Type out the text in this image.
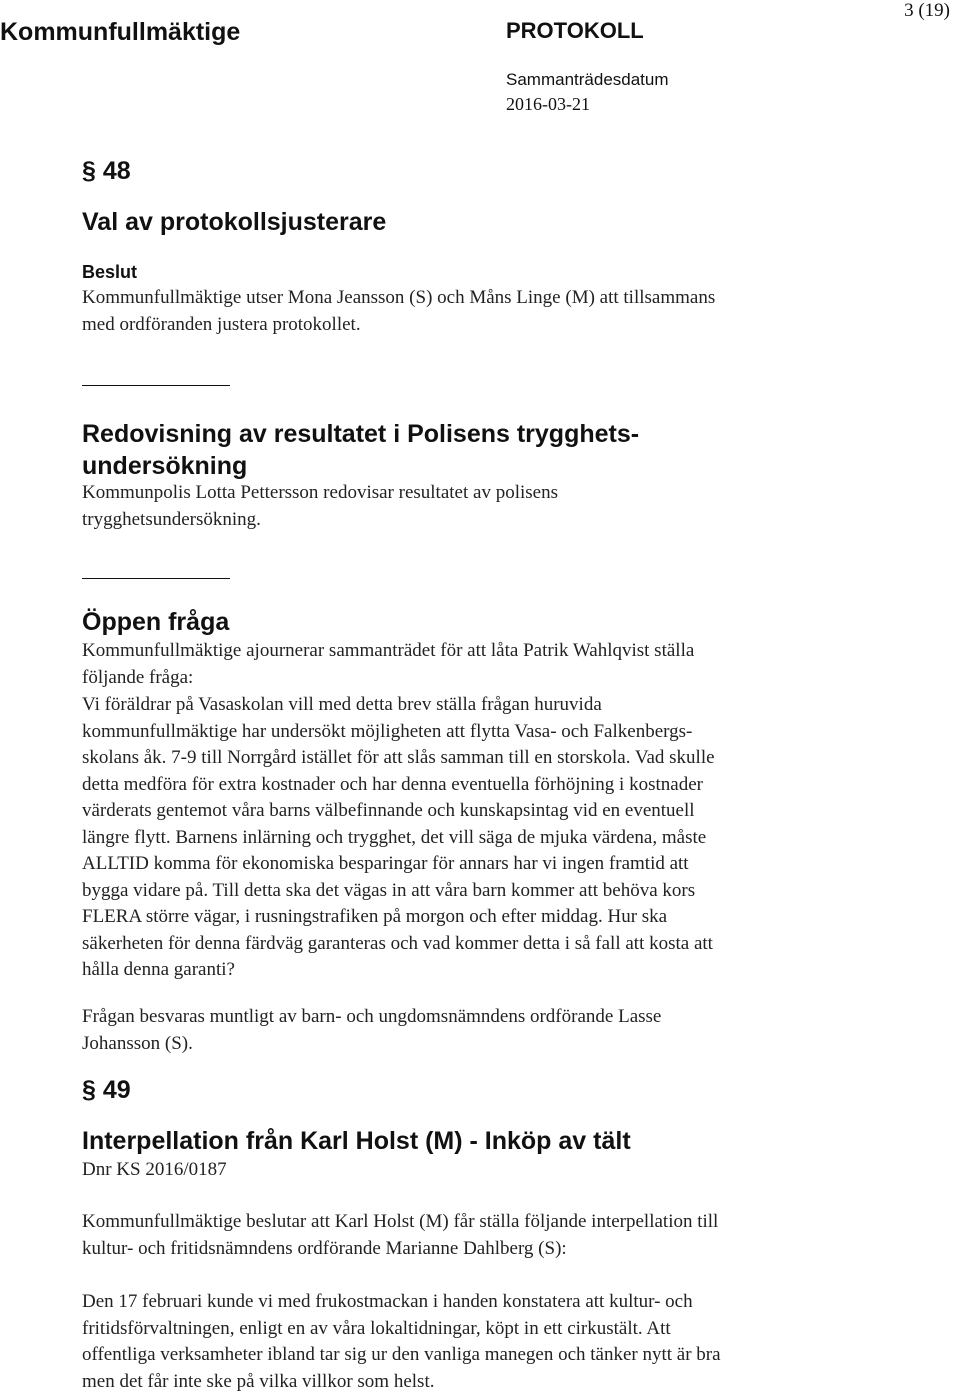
Kommunfullmäktige	PROTOKOLL
Sammanträdesdatum
2016-03-21
3 (19)
§ 48
Val av protokollsjusterare
Beslut
Kommunfullmäktige utser Mona Jeansson (S) och Måns Linge (M) att tillsammans
med ordföranden justera protokollet.
Redovisning av resultatet i Polisens trygghets-
undersökning
Kommunpolis Lotta Pettersson redovisar resultatet av polisens
trygghetsundersökning.
Öppen fråga
Kommunfullmäktige ajournerar sammanträdet för att låta Patrik Wahlqvist ställa
följande fråga:
Vi föräldrar på Vasaskolan vill med detta brev ställa frågan huruvida
kommunfullmäktige har undersökt möjligheten att flytta Vasa- och Falkenbergs-
skolans åk. 7-9 till Norrgård istället för att slås samman till en storskola. Vad skulle
detta medföra för extra kostnader och har denna eventuella förhöjning i kostnader
värderats gentemot våra barns välbefinnande och kunskapsintag vid en eventuell
längre flytt. Barnens inlärning och trygghet, det vill säga de mjuka värdena, måste
ALLTID komma för ekonomiska besparingar för annars har vi ingen framtid att
bygga vidare på. Till detta ska det vägas in att våra barn kommer att behöva kors
FLERA större vägar, i rusningstrafiken på morgon och efter middag. Hur ska
säkerheten för denna färdväg garanteras och vad kommer detta i så fall att kosta att
hålla denna garanti?
Frågan besvaras muntligt av barn- och ungdomsnämndens ordförande Lasse
Johansson (S).
§ 49
Interpellation från Karl Holst (M) - Inköp av tält
Dnr KS 2016/0187
Kommunfullmäktige beslutar att Karl Holst (M) får ställa följande interpellation till
kultur- och fritidsnämndens ordförande Marianne Dahlberg (S):
Den 17 februari kunde vi med frukostmackan i handen konstatera att kultur- och
fritidsförvaltningen, enligt en av våra lokaltidningar, köpt in ett cirkustält. Att
offentliga verksamheter ibland tar sig ur den vanliga manegen och tänker nytt är bra
men det får inte ske på vilka villkor som helst.
